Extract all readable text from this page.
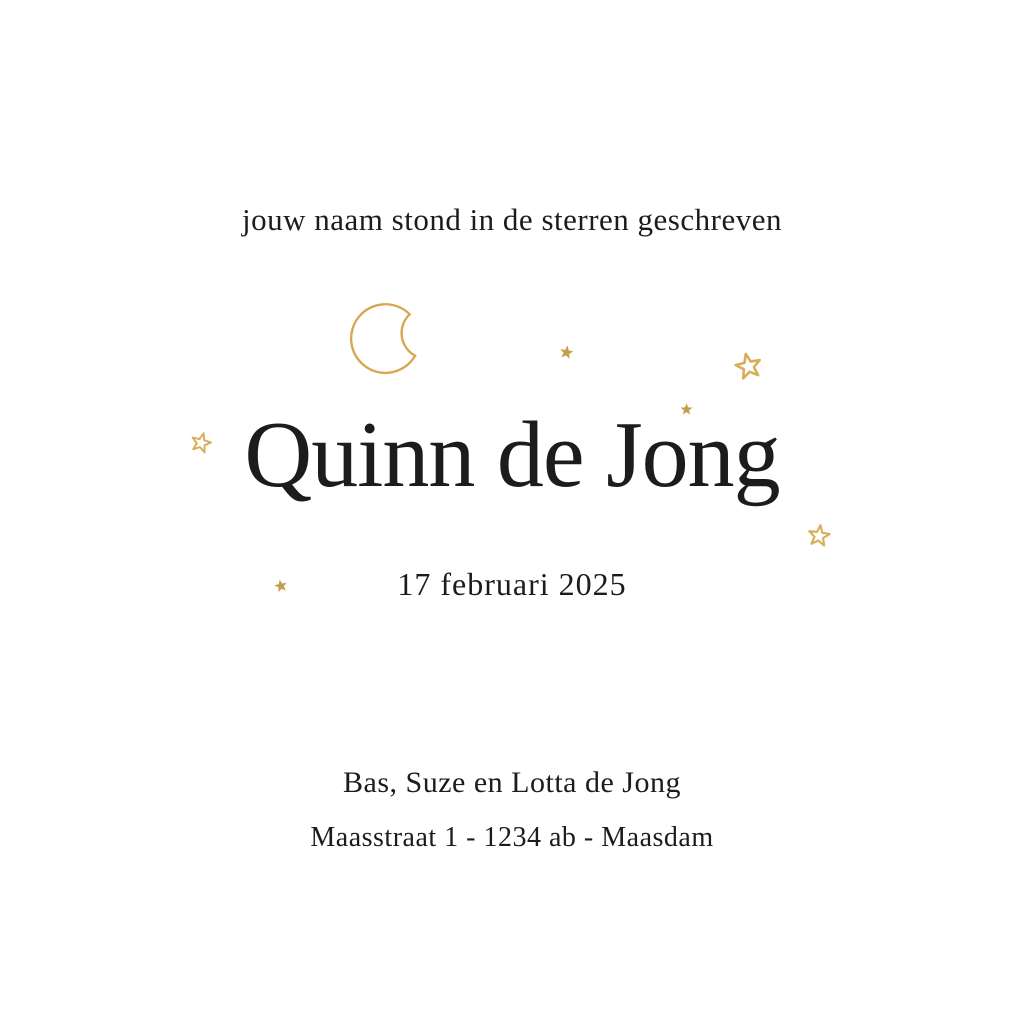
jouw naam stond in de sterren geschreven
Quinn de Jong
17 februari 2025
Bas, Suze en Lotta de Jong
Maasstraat 1 - 1234 ab - Maasdam
